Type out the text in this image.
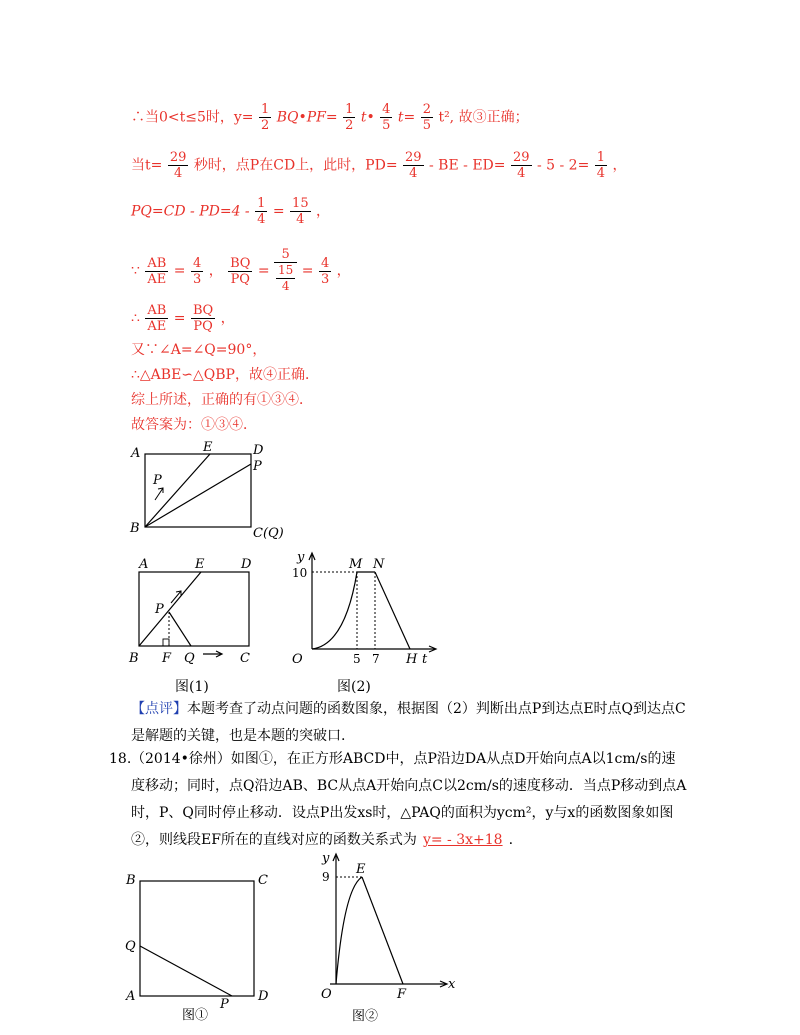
∴当0<t≤5时，$y= \frac{1}{2}$ BQ•PF= $\frac{1}{2}$ t• $\frac{4}{5} t= \frac{2}{5} t^2$, 故③正确；
当$t= \frac{29}{4}$ 秒时，点P在CD上，此时，$PD= \frac{29}{4}$ - BE - $ED= \frac{29}{4} - 5 - 2= \frac{1}{4}$ ，
$PQ=CD - PD=4 - \frac{1}{4} = \frac{15}{4}$ ，
∵ $\frac{AB}{AE} = \frac{4}{3}$ ， $\frac{BQ}{PQ} = \frac{5}{\frac{15}{4}} = \frac{4}{3}$ ，
∴ $\frac{AB}{AE} = \frac{BQ}{PQ}$ ，
又∵∠A=∠Q=90°，
∴△ABE∽△QBP，故④正确．
综上所述，正确的有①③④．
故答案为：①③④．
A	E	D
P
P
B	C(Q)
A	E	D
P
B F Q	C
图(1)
y
10
M N
O	5 7 H t
图(2)
【点评】本题考查了动点问题的函数图象，根据图（2）判断出点P到达点E时点Q到达点C
是解题的关键，也是本题的突破口.
18. （2014•徐州）如图①，在正方形ABCD中，点P沿边DA从点D开始向点A以1cm/s的速
度移动；同时，点Q沿边AB、BC从点A开始向点C以2cm/s的速度移动．当点P移动到点A
时，P、Q同时停止移动．设点P出发xs时，△PAQ的面积为ycm²，y与x的函数图象如图
②，则线段EF所在的直线对应的函数关系式为 y= - 3x+18 .
B	C
Q
A
P
D
图①
y
9 E
O	F
x
图②
